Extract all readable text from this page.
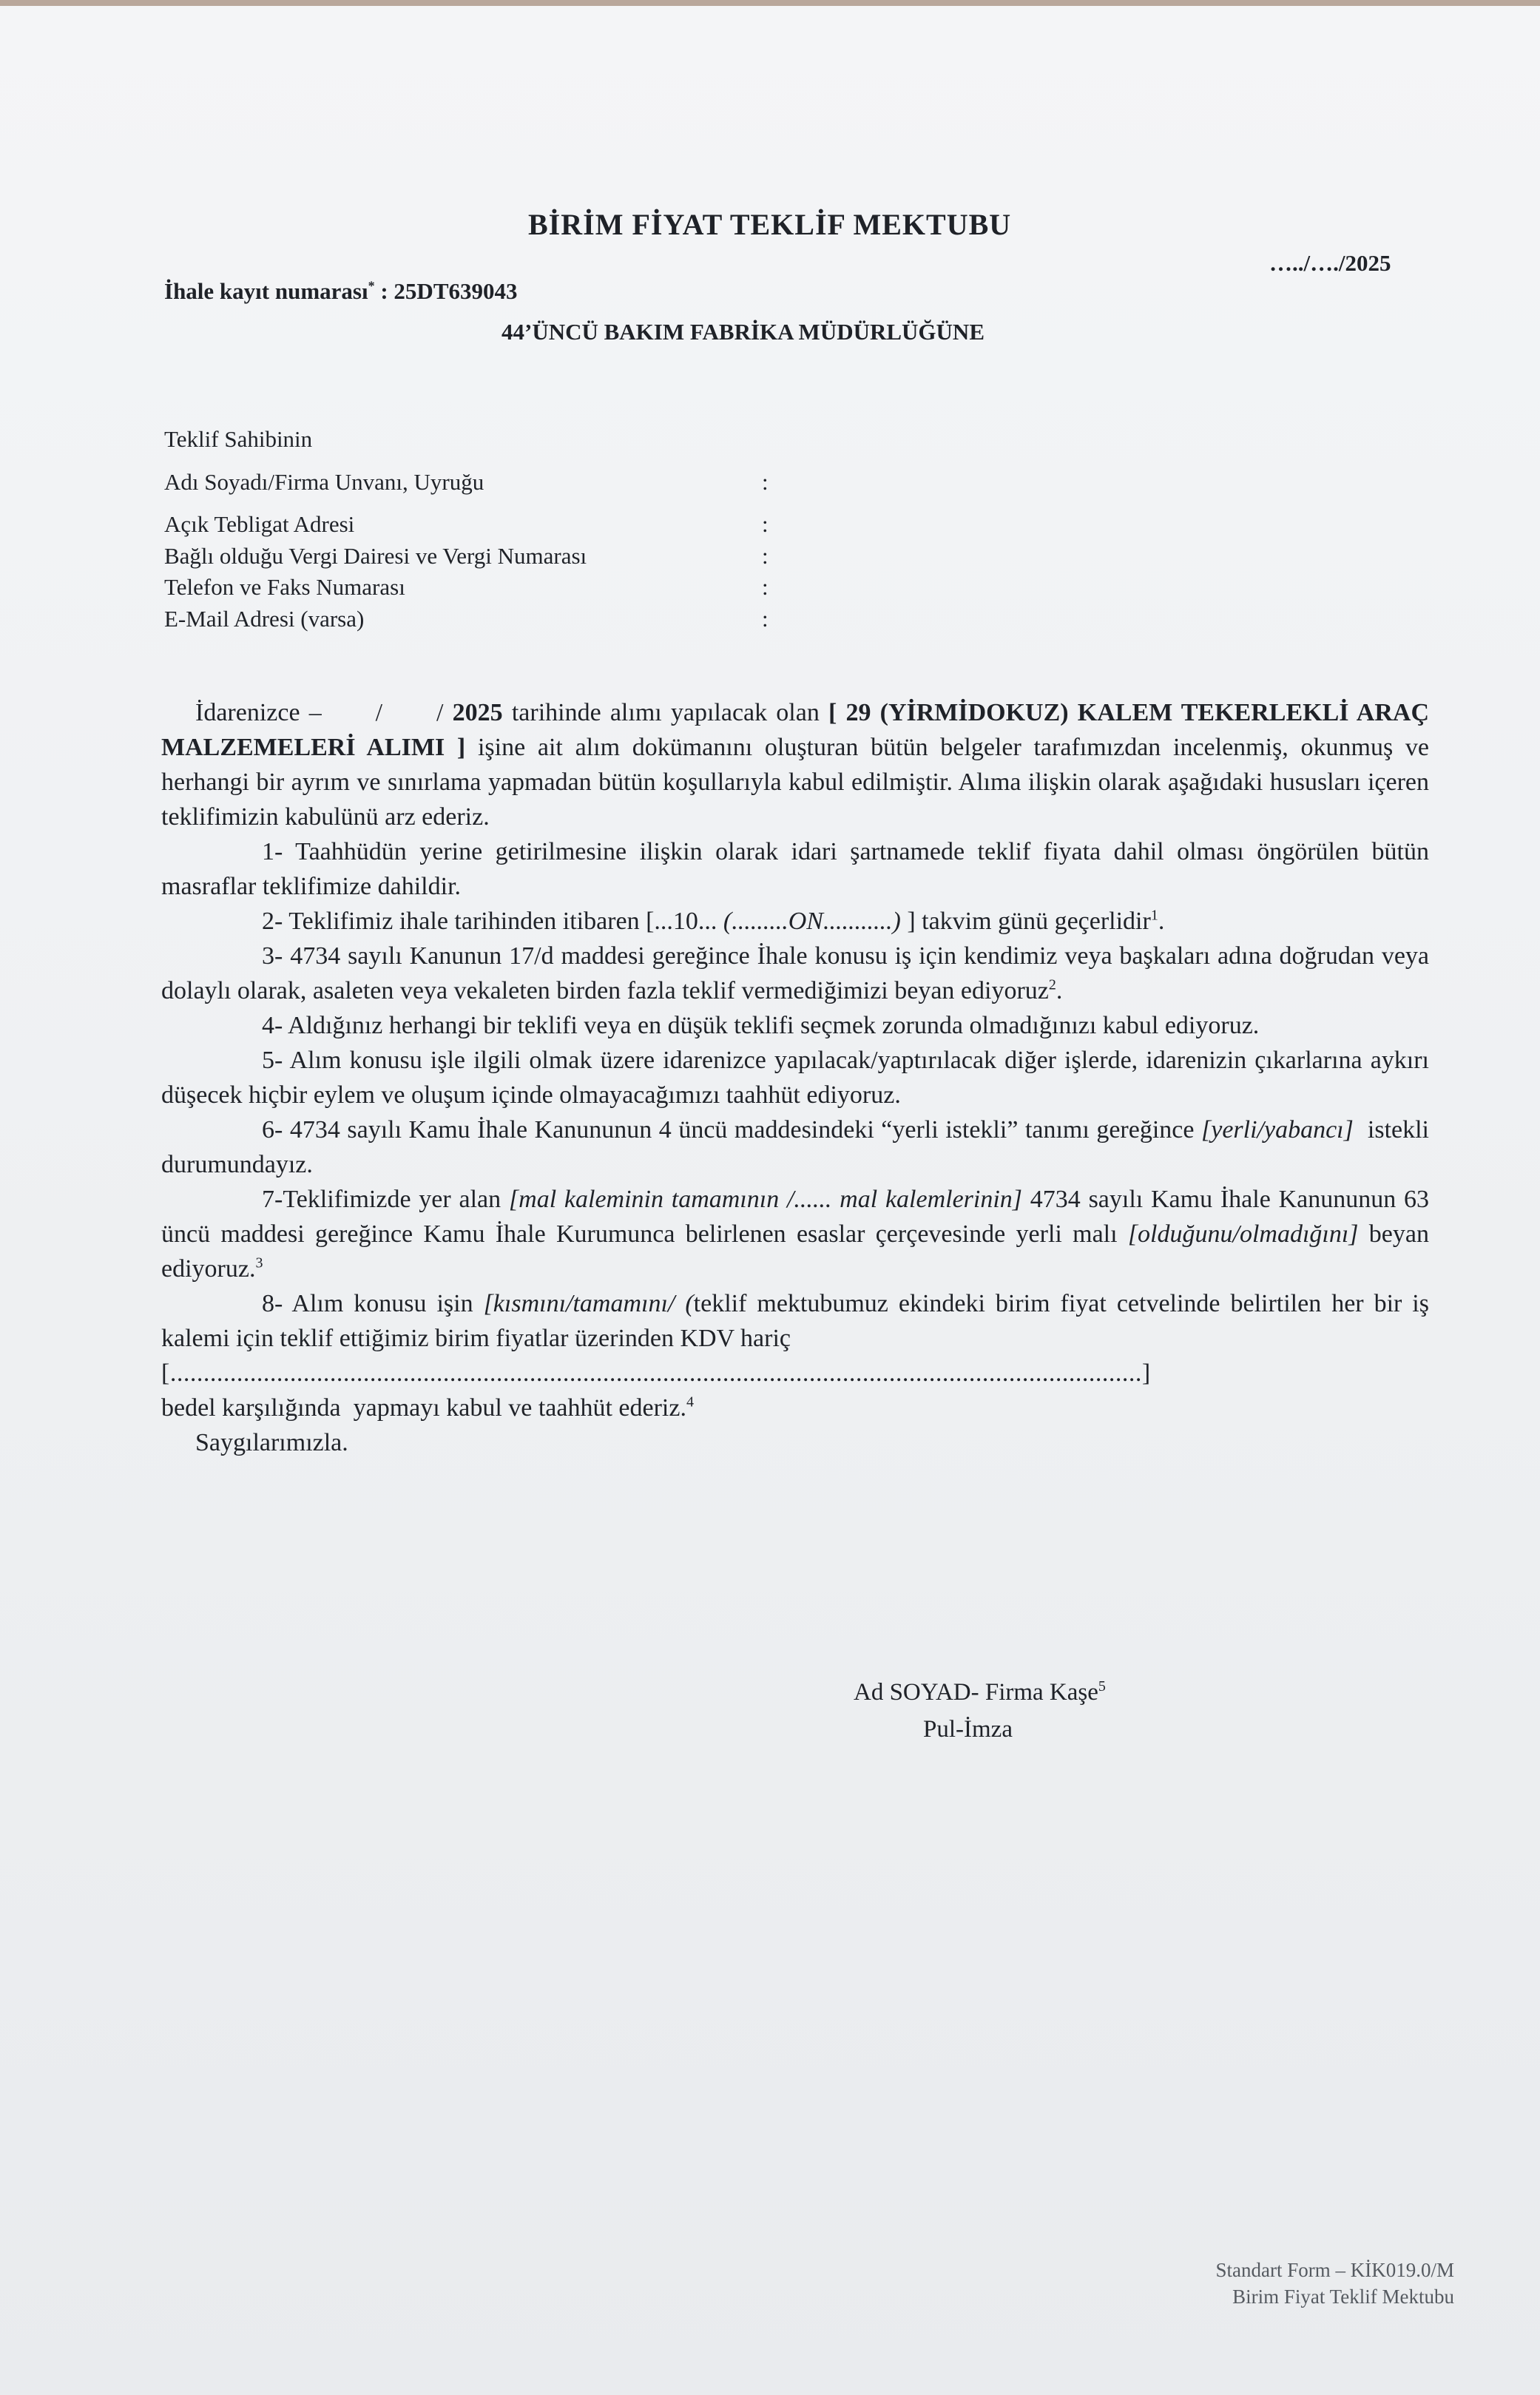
BİRİM FİYAT TEKLİF MEKTUBU
…../…./2025
İhale kayıt numarası* : 25DT639043
44’ÜNCÜ BAKIM FABRİKA MÜDÜRLÜĞÜNE
Teklif Sahibinin
Adı Soyadı/Firma Unvanı, Uyruğu	:
Açık Tebligat Adresi	:
Bağlı olduğu Vergi Dairesi ve Vergi Numarası	:
Telefon ve Faks Numarası	:
E-Mail Adresi (varsa)	:

İdarenizce –      /      / 2025 tarihinde alımı yapılacak olan [ 29 (YİRMİDOKUZ) KALEM TEKERLEKLİ ARAÇ MALZEMELERİ ALIMI ] işine ait alım dokümanını oluşturan bütün belgeler tarafımızdan incelenmiş, okunmuş ve herhangi bir ayrım ve sınırlama yapmadan bütün koşullarıyla kabul edilmiştir. Alıma ilişkin olarak aşağıdaki hususları içeren teklifimizin kabulünü arz ederiz.

1- Taahhüdün yerine getirilmesine ilişkin olarak idari şartnamede teklif fiyata dahil olması öngörülen bütün masraflar teklifimize dahildir.

2- Teklifimiz ihale tarihinden itibaren [...10... (.........ON...........) ] takvim günü geçerlidir$^1$.

3- 4734 sayılı Kanunun 17/d maddesi gereğince İhale konusu iş için kendimiz veya başkaları adına doğrudan veya dolaylı olarak, asaleten veya vekaleten birden fazla teklif vermediğimizi beyan ediyoruz$^2$.

4- Aldığınız herhangi bir teklifi veya en düşük teklifi seçmek zorunda olmadığınızı kabul ediyoruz.

5- Alım konusu işle ilgili olmak üzere idarenizce yapılacak/yaptırılacak diğer işlerde, idarenizin çıkarlarına aykırı düşecek hiçbir eylem ve oluşum içinde olmayacağımızı taahhüt ediyoruz.

6- 4734 sayılı Kamu İhale Kanununun 4 üncü maddesindeki “yerli istekli” tanımı gereğince [yerli/yabancı]  istekli durumundayız.

7-Teklifimizde yer alan [mal kaleminin tamamının /...... mal kalemlerinin] 4734 sayılı Kamu İhale Kanununun 63 üncü maddesi gereğince Kamu İhale Kurumunca belirlenen esaslar çerçevesinde yerli malı [olduğunu/olmadığını] beyan ediyoruz.$^3$

8- Alım konusu işin [kısmını/tamamını/ (teklif mektubumuz ekindeki birim fiyat cetvelinde belirtilen her bir iş kalemi için teklif ettiğimiz birim fiyatlar üzerinden KDV hariç

[..................................................................................................................................................]

bedel karşılığında  yapmayı kabul ve taahhüt ederiz.$^4$

Saygılarımızla.

Ad SOYAD- Firma Kaşe$^5$
Pul-İmza
Standart Form – KİK019.0/M
Birim Fiyat Teklif Mektubu
